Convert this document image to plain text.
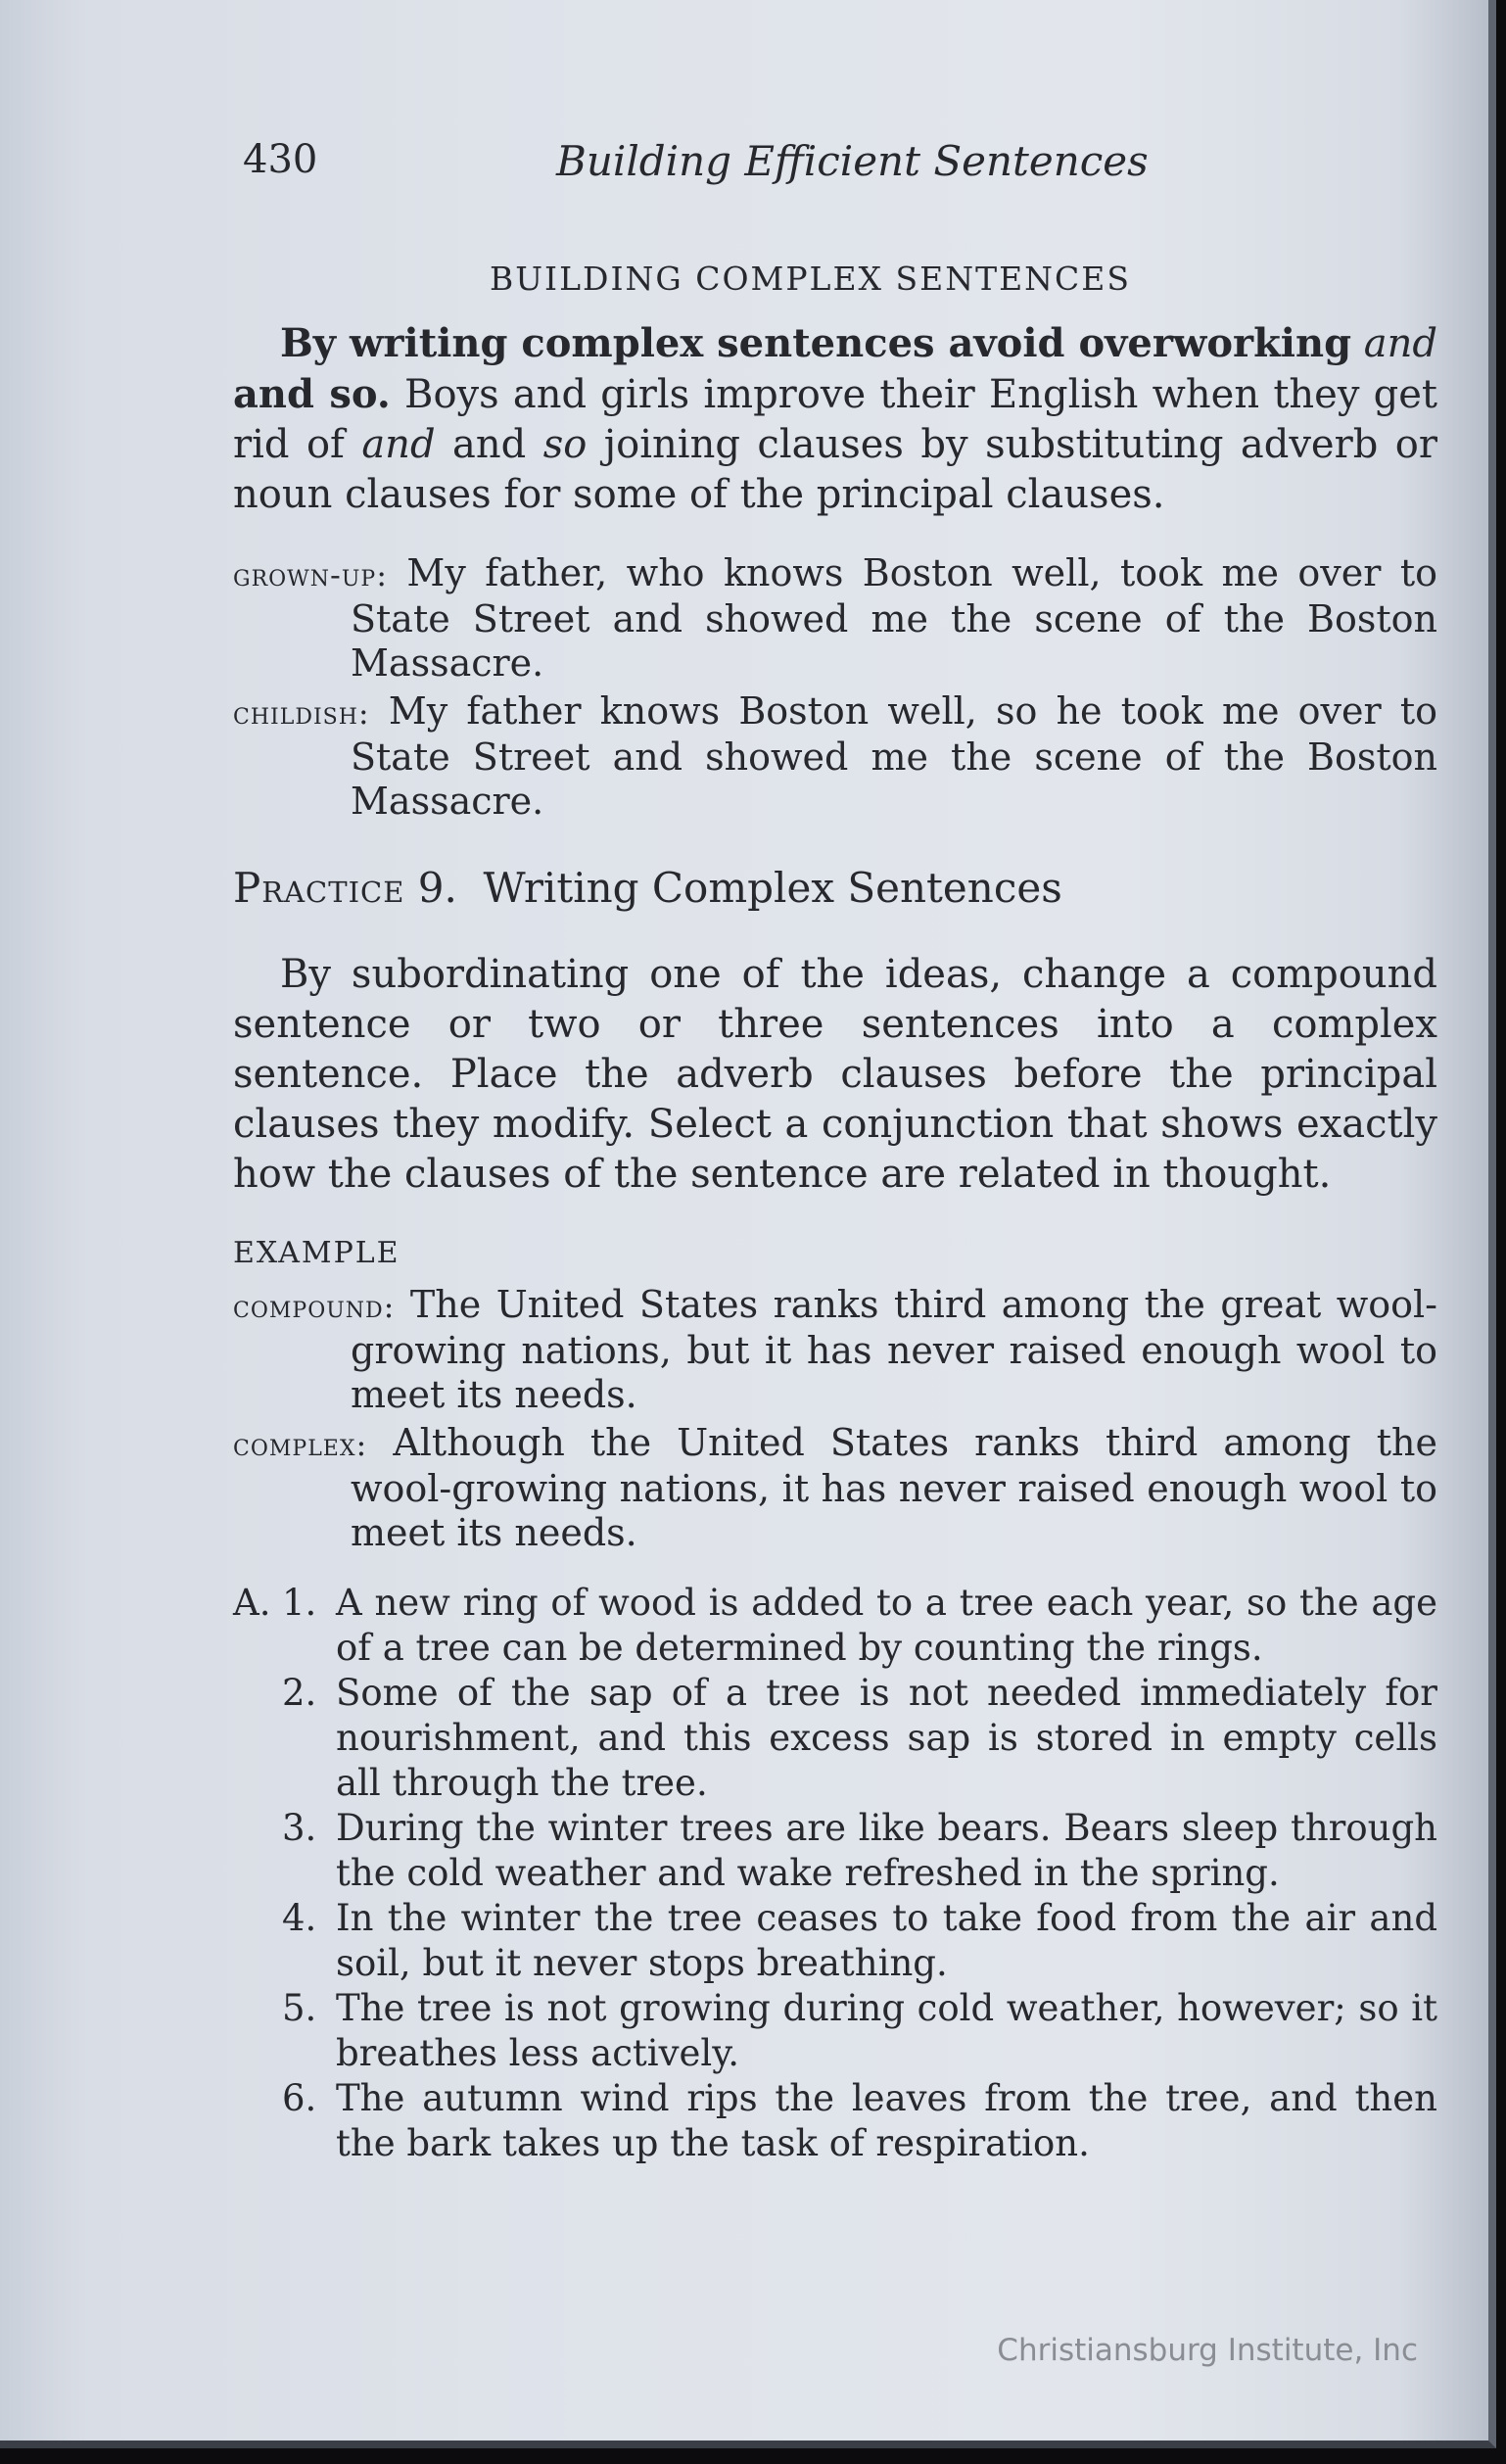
430	Building Efficient Sentences
BUILDING COMPLEX SENTENCES

By writing complex sentences avoid overworking and and so. Boys and girls improve their English when they get rid of and and so joining clauses by substituting adverb or noun clauses for some of the principal clauses.

grown-up: My father, who knows Boston well, took me over to State Street and showed me the scene of the Boston Massacre.

childish: My father knows Boston well, so he took me over to State Street and showed me the scene of the Boston Massacre.

Practice 9. Writing Complex Sentences

By subordinating one of the ideas, change a compound sentence or two or three sentences into a complex sentence. Place the adverb clauses before the principal clauses they modify. Select a conjunction that shows exactly how the clauses of the sentence are related in thought.

EXAMPLE

compound: The United States ranks third among the great wool-growing nations, but it has never raised enough wool to meet its needs.

complex: Although the United States ranks third among the wool-growing nations, it has never raised enough wool to meet its needs.

A. 1. A new ring of wood is added to a tree each year, so the age of a tree can be determined by counting the rings.
2. Some of the sap of a tree is not needed immediately for nourishment, and this excess sap is stored in empty cells all through the tree.
3. During the winter trees are like bears. Bears sleep through the cold weather and wake refreshed in the spring.
4. In the winter the tree ceases to take food from the air and soil, but it never stops breathing.
5. The tree is not growing during cold weather, however; so it breathes less actively.
6. The autumn wind rips the leaves from the tree, and then the bark takes up the task of respiration.
Christiansburg Institute, Inc
